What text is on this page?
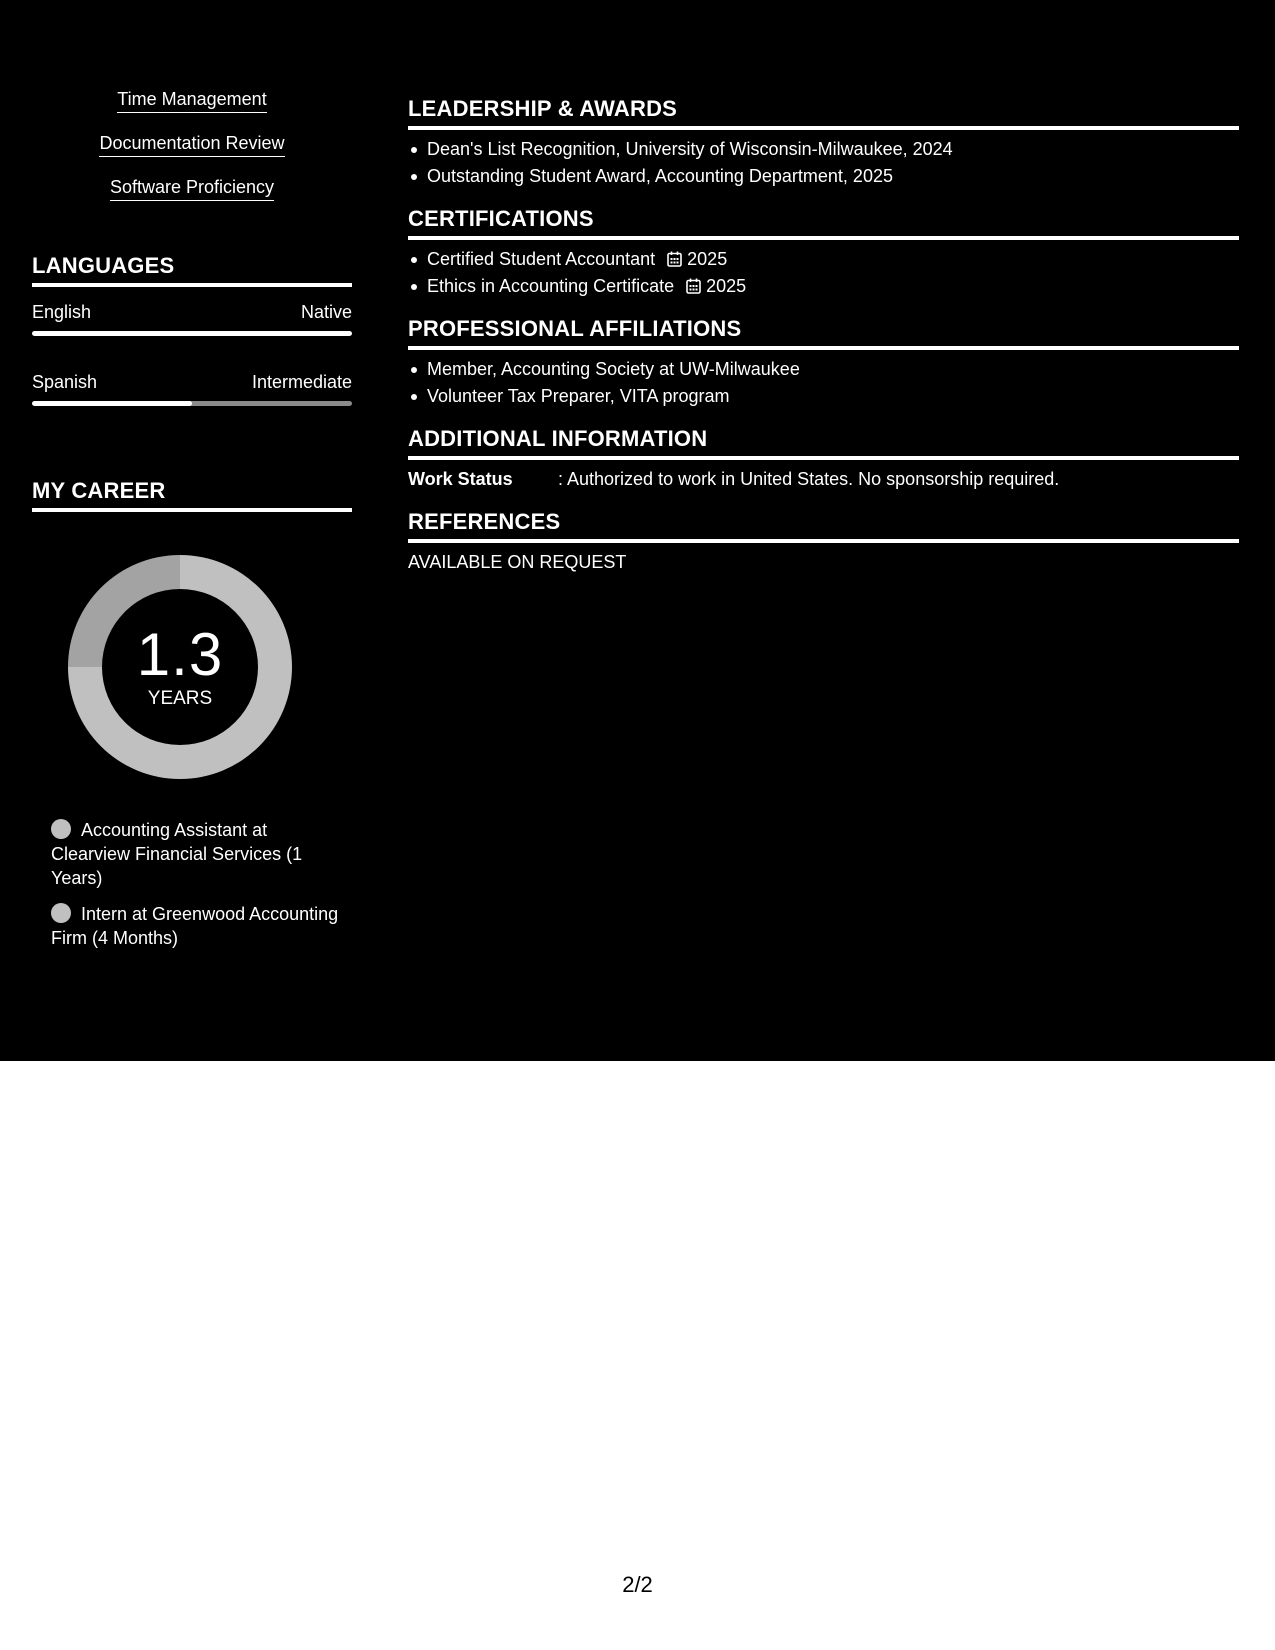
Time Management
Documentation Review
Software Proficiency
LANGUAGES
English	Native
Spanish	Intermediate
MY CAREER
1.3
YEARS
Accounting Assistant at Clearview Financial Services (1 Years)
Intern at Greenwood Accounting Firm (4 Months)
LEADERSHIP & AWARDS
Dean's List Recognition, University of Wisconsin-Milwaukee, 2024
Outstanding Student Award, Accounting Department, 2025
CERTIFICATIONS
Certified Student Accountant 2025
Ethics in Accounting Certificate 2025
PROFESSIONAL AFFILIATIONS
Member, Accounting Society at UW-Milwaukee
Volunteer Tax Preparer, VITA program
ADDITIONAL INFORMATION
Work Status	: Authorized to work in United States. No sponsorship required.
REFERENCES
AVAILABLE ON REQUEST
2/2
